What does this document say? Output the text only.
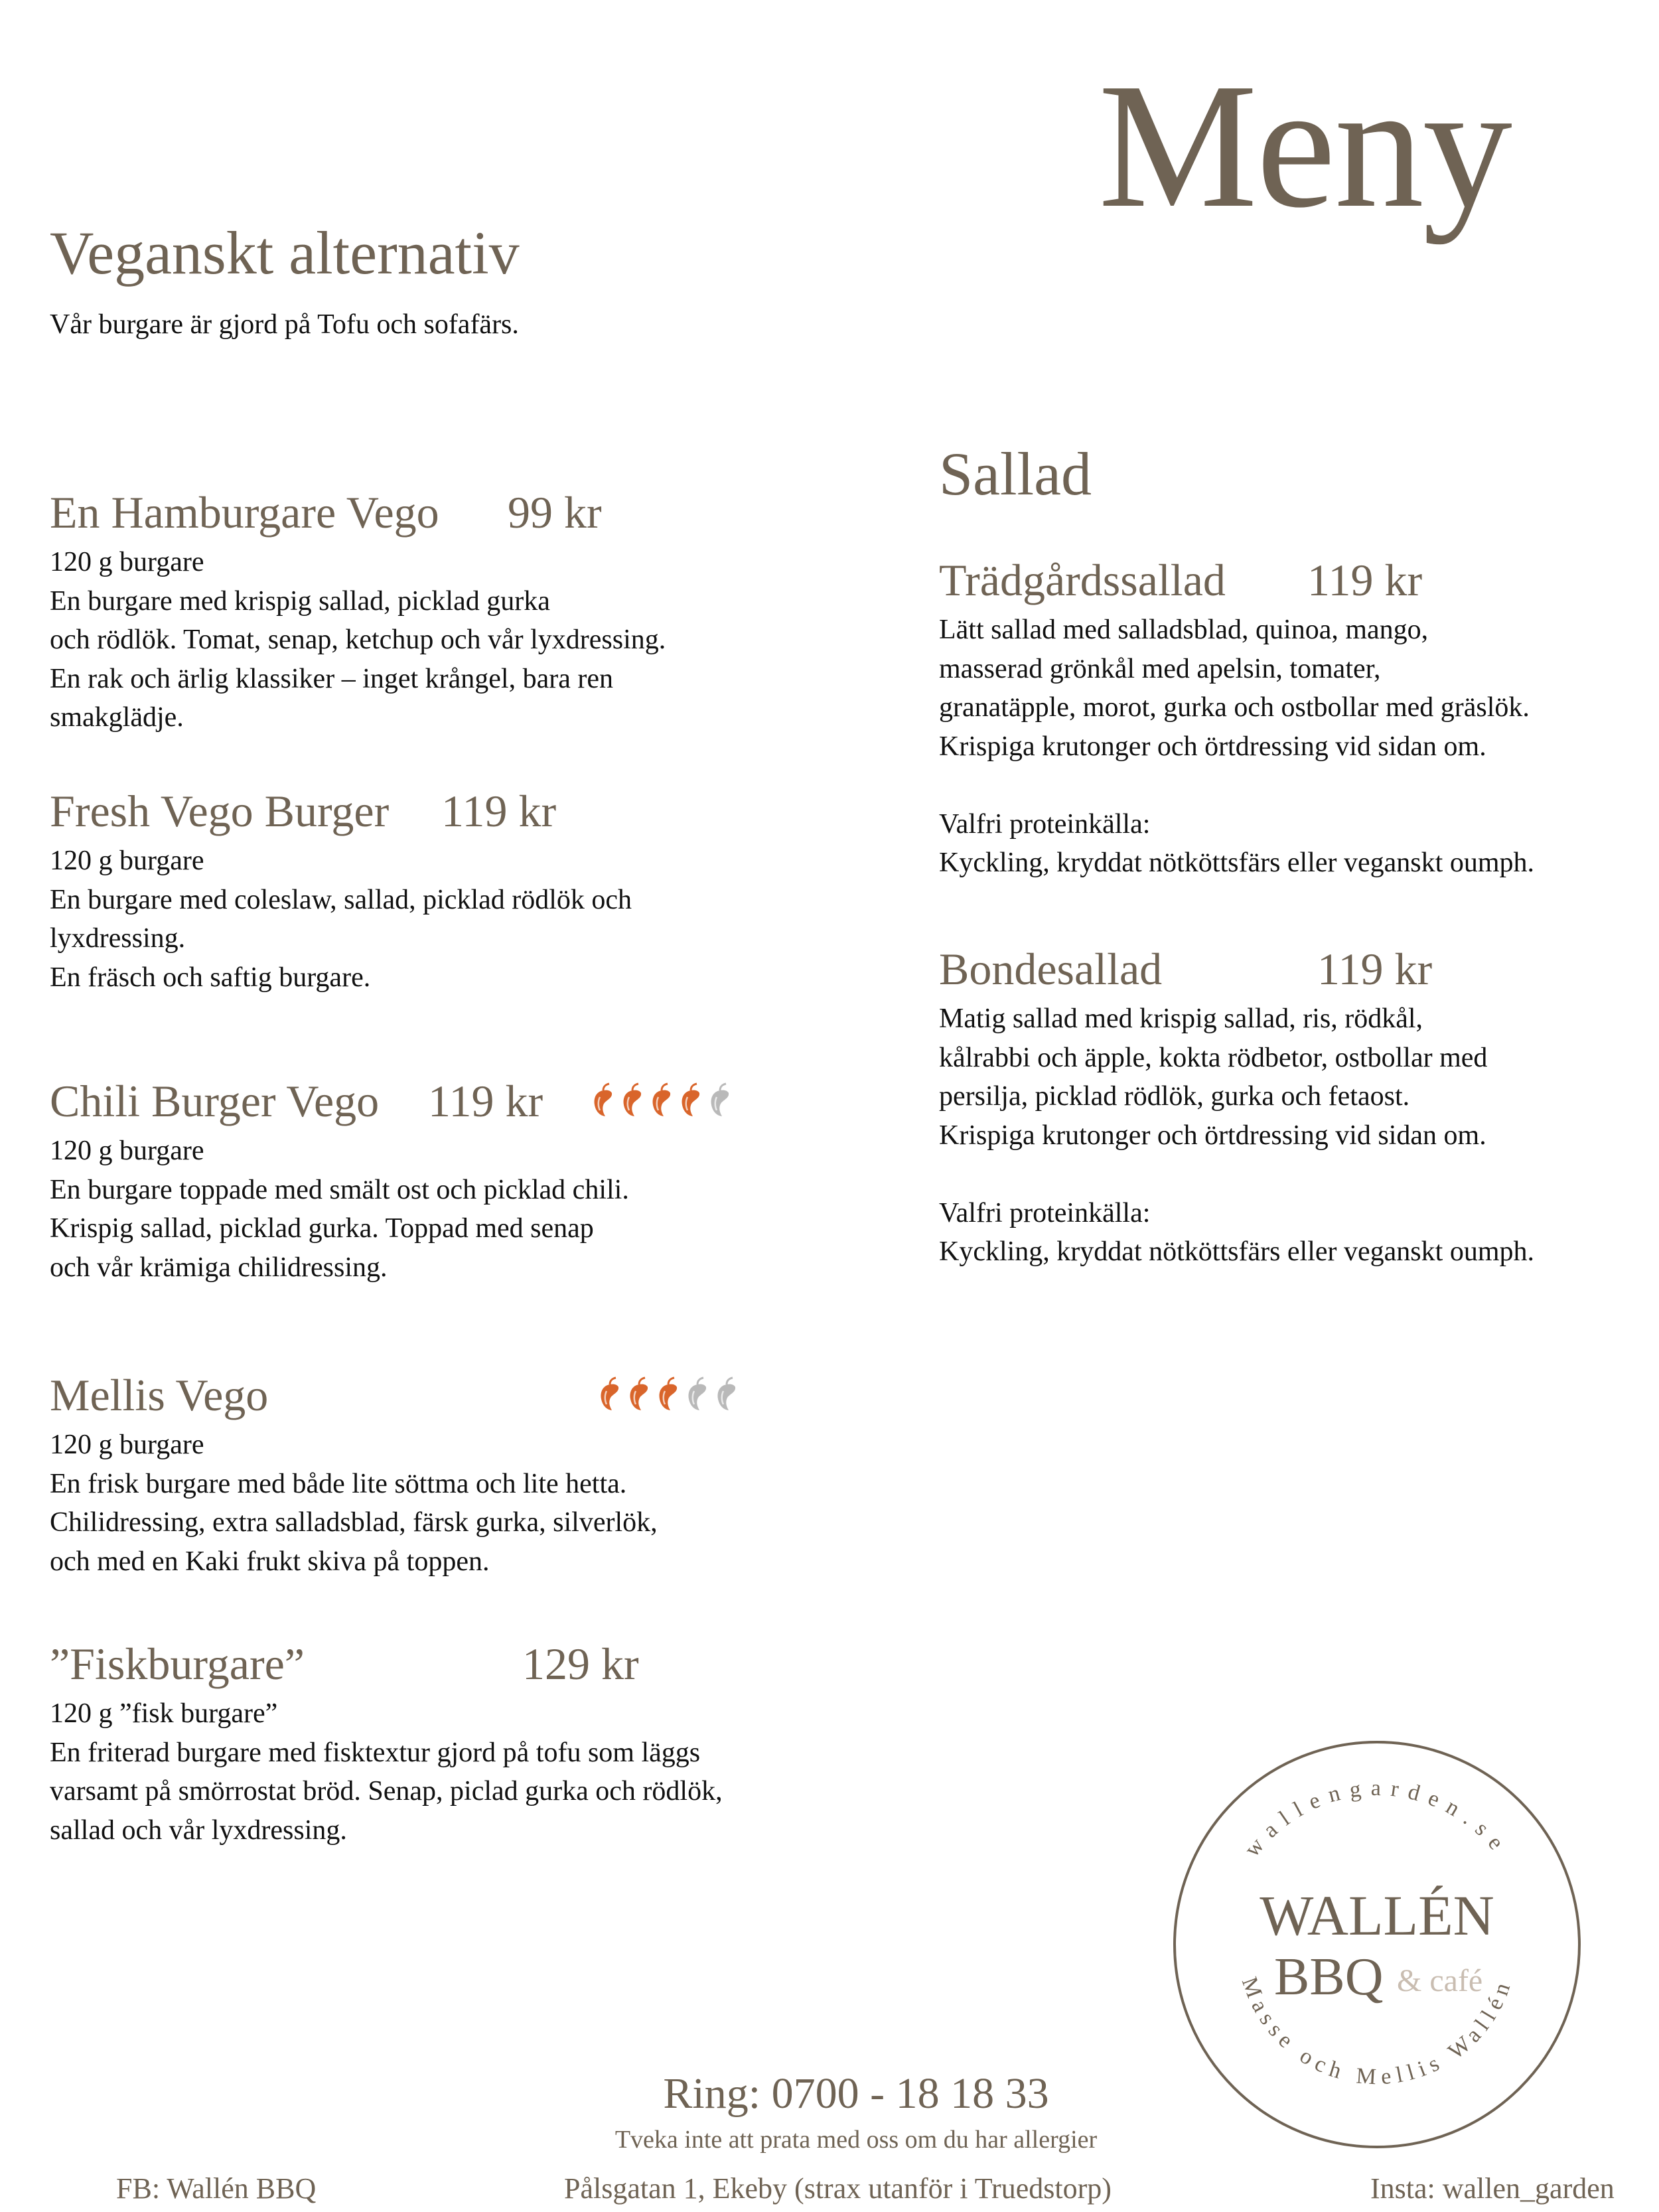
Meny
Veganskt alternativ
Vår burgare är gjord på Tofu och sofafärs.
En Hamburgare Vego 99 kr
120 g burgare
En burgare med krispig sallad, picklad gurka
och rödlök. Tomat, senap, ketchup och vår lyxdressing.
En rak och ärlig klassiker – inget krångel, bara ren
smakglädje.
Fresh Vego Burger 119 kr
120 g burgare
En burgare med coleslaw, sallad, picklad rödlök och
lyxdressing.
En fräsch och saftig burgare.
Chili Burger Vego 119 kr
120 g burgare
En burgare toppade med smält ost och picklad chili.
Krispig sallad, picklad gurka. Toppad med senap
och vår krämiga chilidressing.
Mellis Vego
120 g burgare
En frisk burgare med både lite söttma och lite hetta.
Chilidressing, extra salladsblad, färsk gurka, silverlök,
och med en Kaki frukt skiva på toppen.
”Fiskburgare”	129 kr
120 g ”fisk burgare”
En friterad burgare med fisktextur gjord på tofu som läggs
varsamt på smörrostat bröd. Senap, piclad gurka och rödlök,
sallad och vår lyxdressing.
Sallad
Trädgårdssallad 119 kr
Lätt sallad med salladsblad, quinoa, mango,
masserad grönkål med apelsin, tomater,
granatäpple, morot, gurka och ostbollar med gräslök.
Krispiga krutonger och örtdressing vid sidan om.
Valfri proteinkälla:
Kyckling, kryddat nötköttsfärs eller veganskt oumph.
Bondesallad	119 kr
Matig sallad med krispig sallad, ris, rödkål,
kålrabbi och äpple, kokta rödbetor, ostbollar med
persilja, picklad rödlök, gurka och fetaost.
Krispiga krutonger och örtdressing vid sidan om.
Valfri proteinkälla:
Kyckling, kryddat nötköttsfärs eller veganskt oumph.
wallengarden.se
WALLÉN
BBQ & café
Masse och Mellis Wallén
Ring: 0700 - 18 18 33
Tveka inte att prata med oss om du har allergier
FB: Wallén BBQ	Pålsgatan 1, Ekeby (strax utanför i Truedstorp)	Insta: wallen_garden
